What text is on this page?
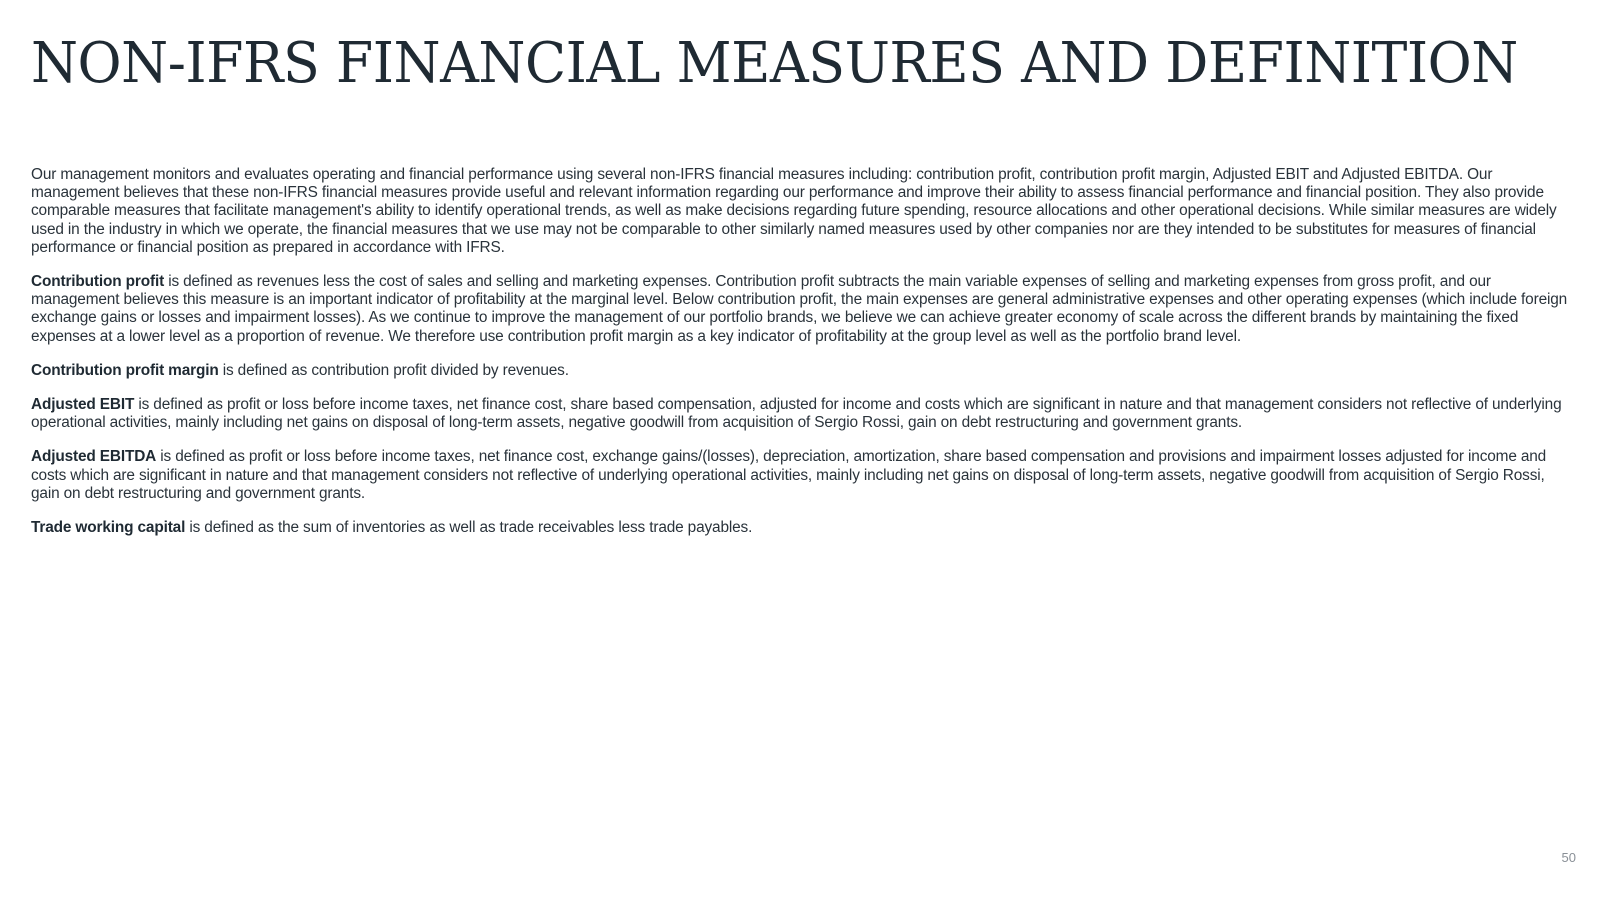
NON-IFRS FINANCIAL MEASURES AND DEFINITION

Our management monitors and evaluates operating and financial performance using several non-IFRS financial measures including: contribution profit, contribution profit margin, Adjusted EBIT and Adjusted EBITDA. Our management believes that these non-IFRS financial measures provide useful and relevant information regarding our performance and improve their ability to assess financial performance and financial position. They also provide comparable measures that facilitate management's ability to identify operational trends, as well as make decisions regarding future spending, resource allocations and other operational decisions. While similar measures are widely used in the industry in which we operate, the financial measures that we use may not be comparable to other similarly named measures used by other companies nor are they intended to be substitutes for measures of financial performance or financial position as prepared in accordance with IFRS.

Contribution profit is defined as revenues less the cost of sales and selling and marketing expenses. Contribution profit subtracts the main variable expenses of selling and marketing expenses from gross profit, and our management believes this measure is an important indicator of profitability at the marginal level. Below contribution profit, the main expenses are general administrative expenses and other operating expenses (which include foreign exchange gains or losses and impairment losses). As we continue to improve the management of our portfolio brands, we believe we can achieve greater economy of scale across the different brands by maintaining the fixed expenses at a lower level as a proportion of revenue. We therefore use contribution profit margin as a key indicator of profitability at the group level as well as the portfolio brand level.

Contribution profit margin is defined as contribution profit divided by revenues.

Adjusted EBIT is defined as profit or loss before income taxes, net finance cost, share based compensation, adjusted for income and costs which are significant in nature and that management considers not reflective of underlying operational activities, mainly including net gains on disposal of long-term assets, negative goodwill from acquisition of Sergio Rossi, gain on debt restructuring and government grants.

Adjusted EBITDA is defined as profit or loss before income taxes, net finance cost, exchange gains/(losses), depreciation, amortization, share based compensation and provisions and impairment losses adjusted for income and costs which are significant in nature and that management considers not reflective of underlying operational activities, mainly including net gains on disposal of long-term assets, negative goodwill from acquisition of Sergio Rossi, gain on debt restructuring and government grants.

Trade working capital is defined as the sum of inventories as well as trade receivables less trade payables.

50
